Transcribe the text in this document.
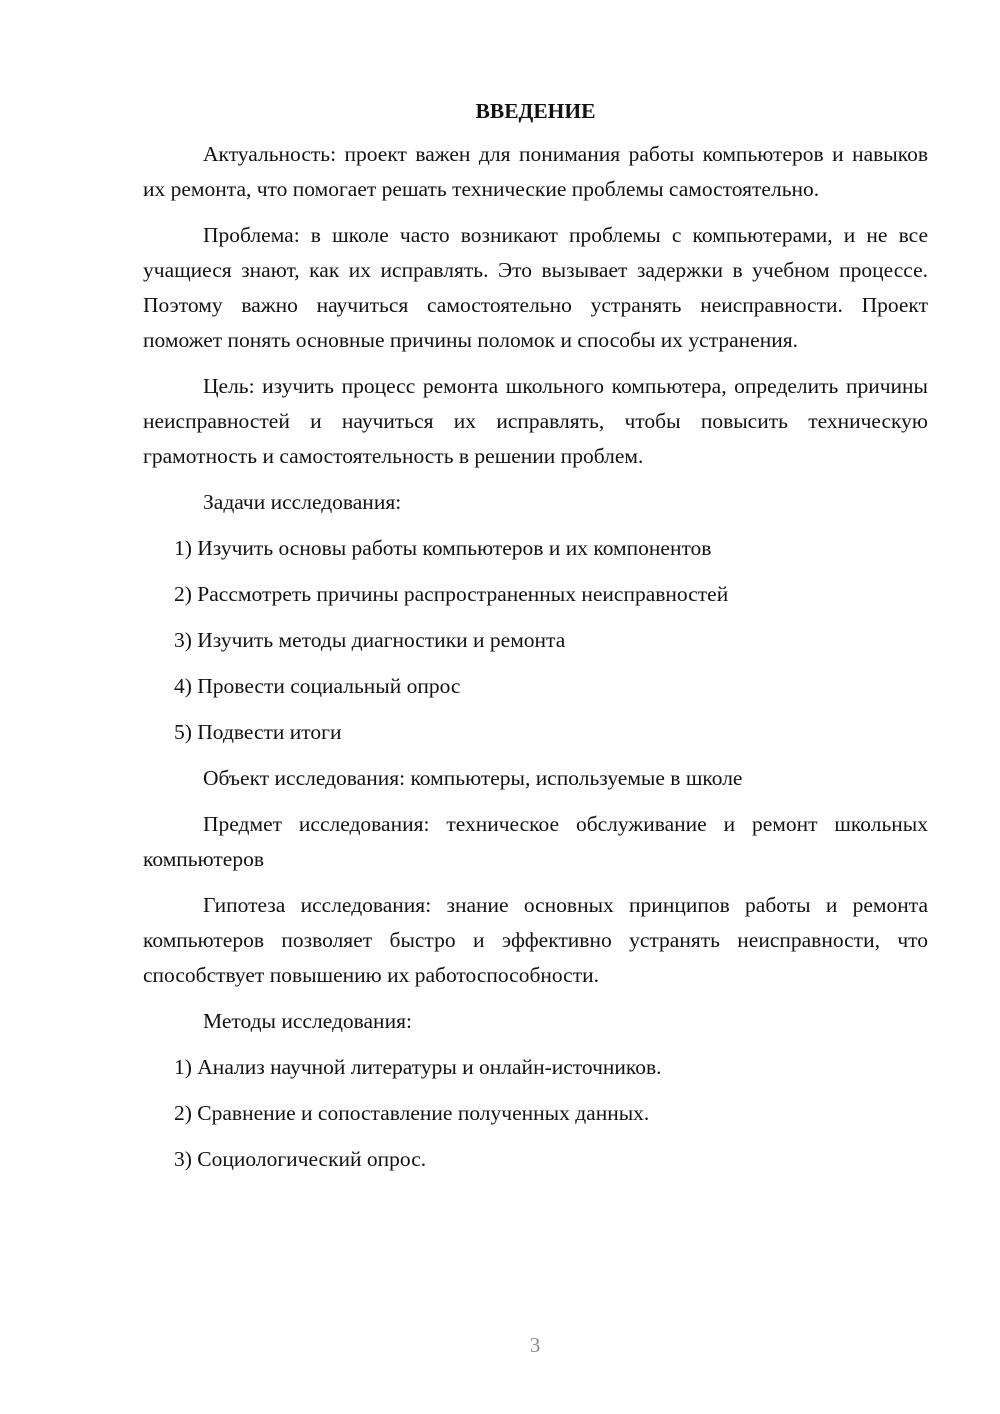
ВВЕДЕНИЕ

Актуальность: проект важен для понимания работы компьютеров и навыков их ремонта, что помогает решать технические проблемы самостоятельно.

Проблема: в школе часто возникают проблемы с компьютерами, и не все учащиеся знают, как их исправлять. Это вызывает задержки в учебном процессе. Поэтому важно научиться самостоятельно устранять неисправности. Проект поможет понять основные причины поломок и способы их устранения.

Цель: изучить процесс ремонта школьного компьютера, определить причины неисправностей и научиться их исправлять, чтобы повысить техническую грамотность и самостоятельность в решении проблем.

Задачи исследования:

1) Изучить основы работы компьютеров и их компонентов

2) Рассмотреть причины распространенных неисправностей

3) Изучить методы диагностики и ремонта

4) Провести социальный опрос

5) Подвести итоги

Объект исследования: компьютеры, используемые в школе

Предмет исследования: техническое обслуживание и ремонт школьных компьютеров

Гипотеза исследования: знание основных принципов работы и ремонта компьютеров позволяет быстро и эффективно устранять неисправности, что способствует повышению их работоспособности.

Методы исследования:

1) Анализ научной литературы и онлайн-источников.

2) Сравнение и сопоставление полученных данных.

3) Социологический опрос.

3
